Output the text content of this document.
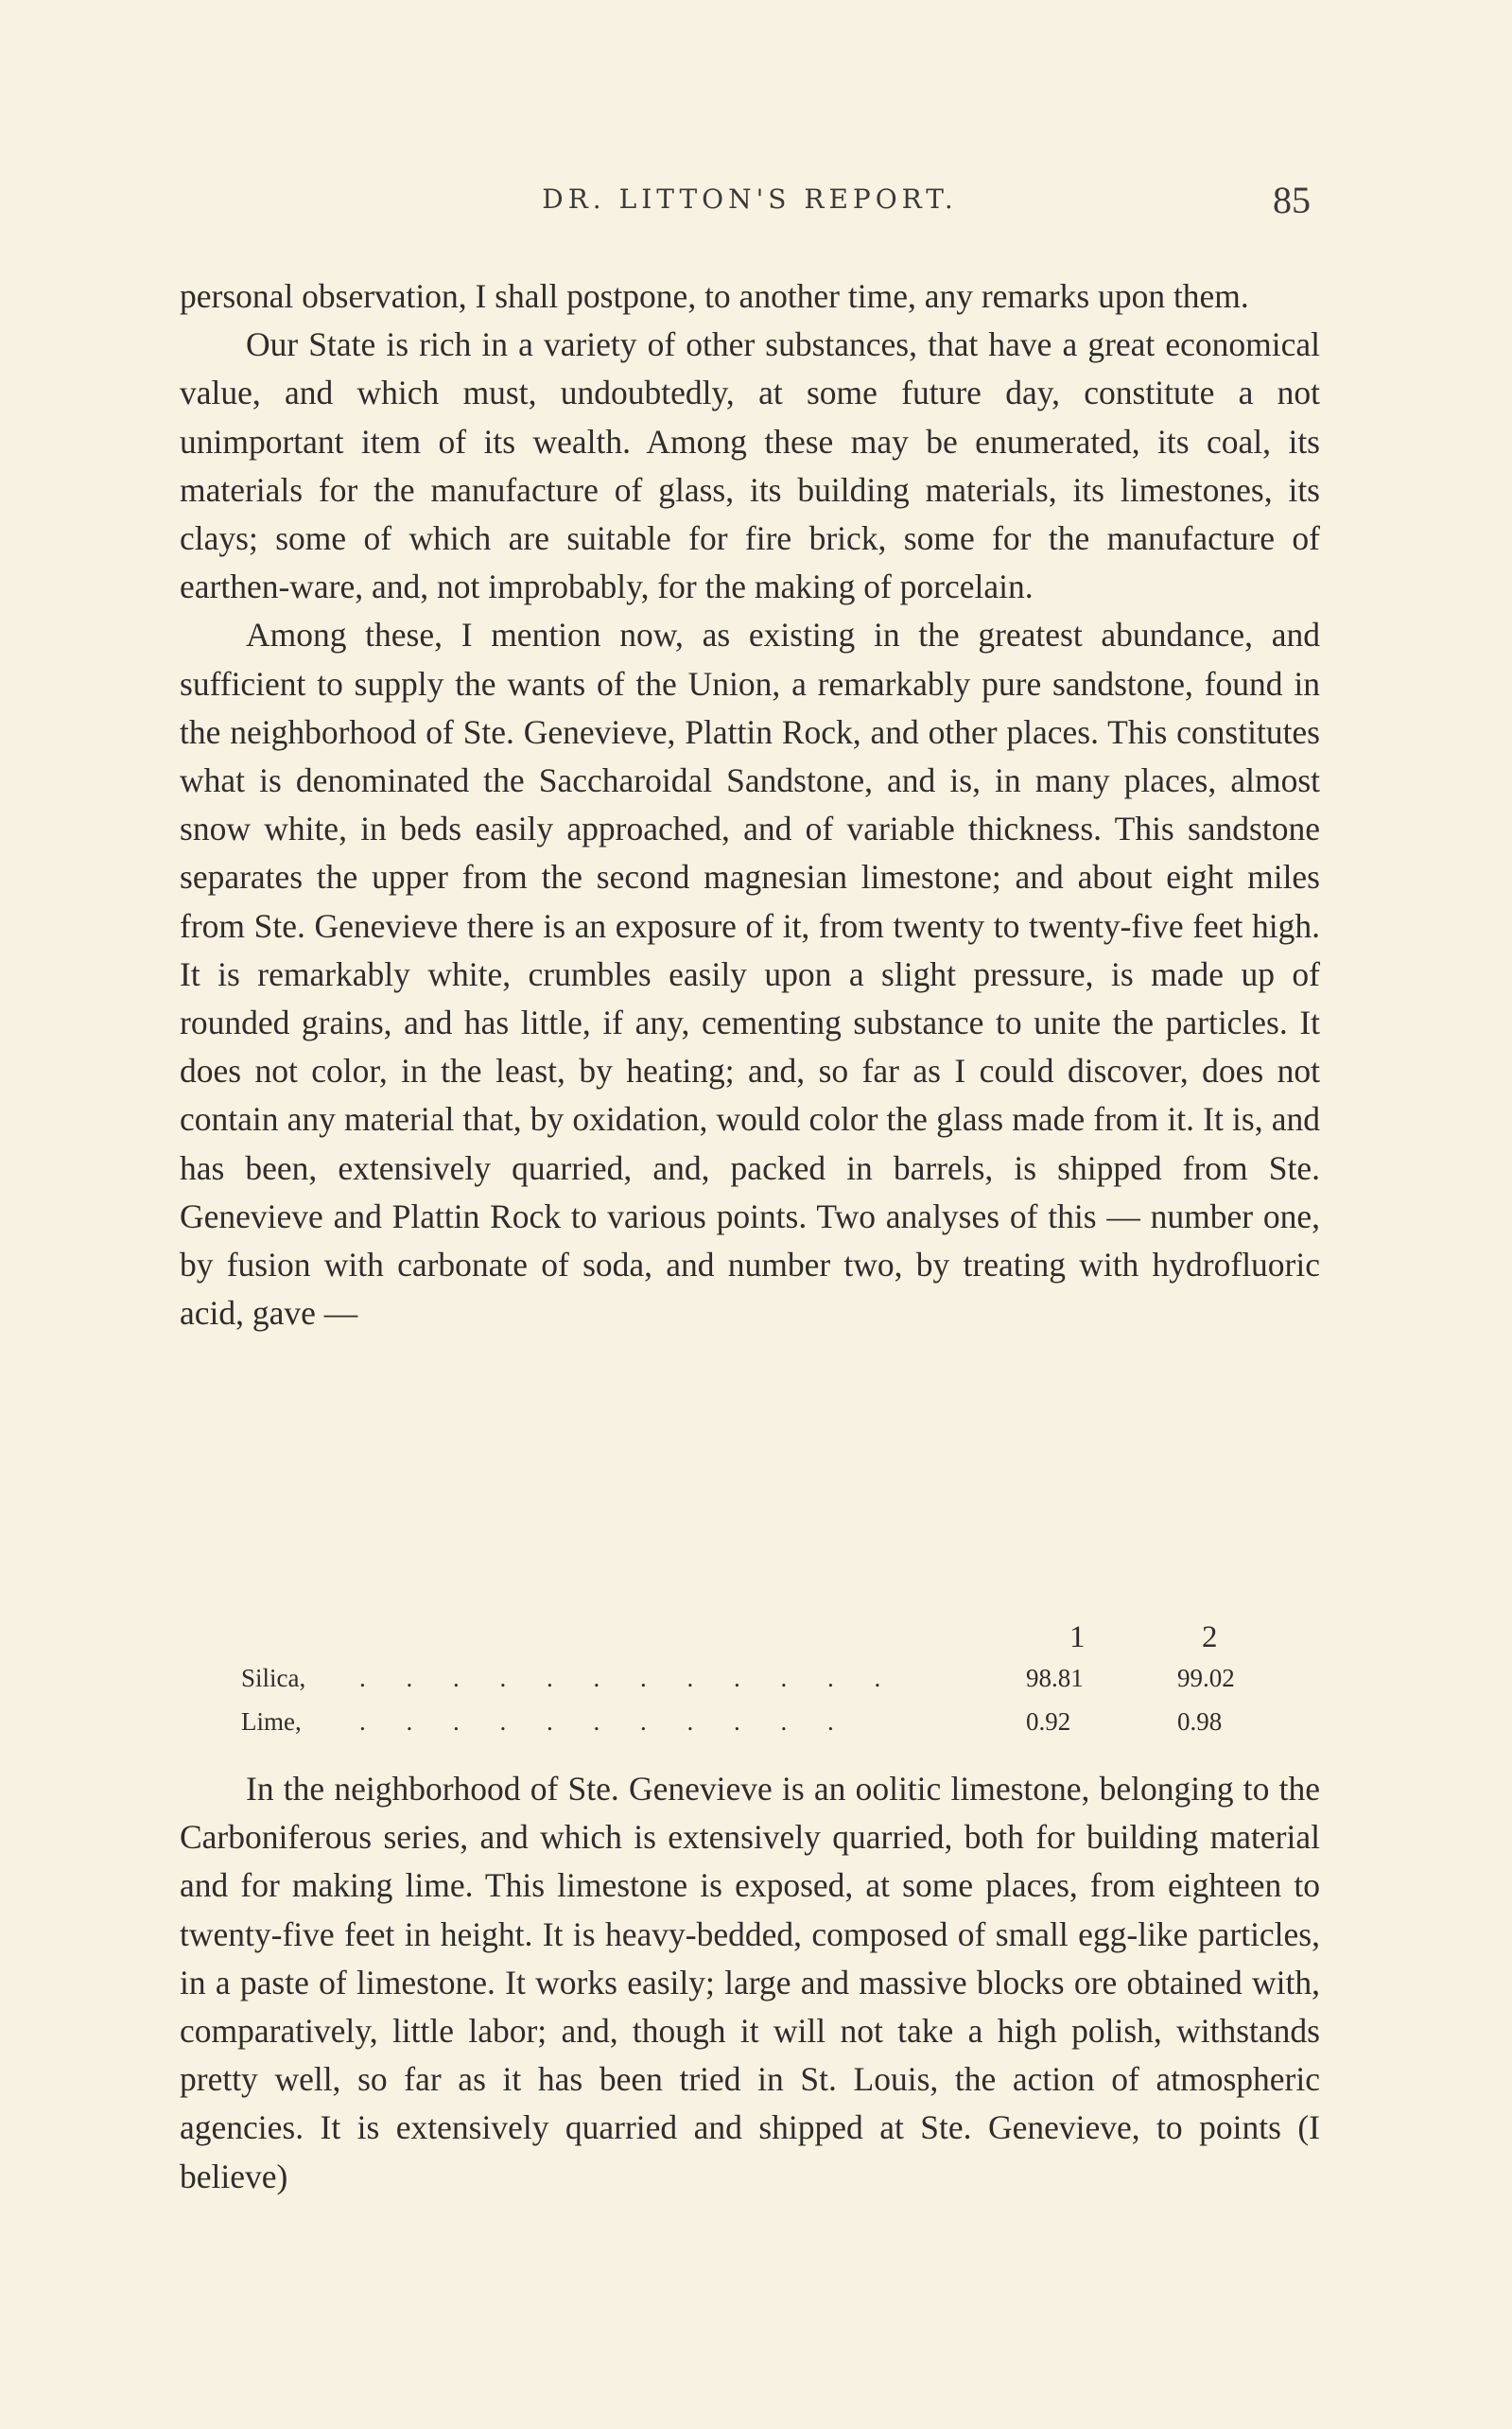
DR. LITTON'S REPORT.	85

personal observation, I shall postpone, to another time, any remarks upon them.

Our State is rich in a variety of other substances, that have a great economical value, and which must, undoubtedly, at some future day, constitute a not unimportant item of its wealth. Among these may be enumerated, its coal, its materials for the manufacture of glass, its building materials, its limestones, its clays; some of which are suitable for fire brick, some for the manufacture of earthen-ware, and, not improbably, for the making of porcelain.

Among these, I mention now, as existing in the greatest abundance, and sufficient to supply the wants of the Union, a remarkably pure sandstone, found in the neighborhood of Ste. Genevieve, Plattin Rock, and other places. This constitutes what is denominated the Saccharoidal Sandstone, and is, in many places, almost snow white, in beds easily approached, and of variable thickness. This sandstone separates the upper from the second magnesian limestone; and about eight miles from Ste. Genevieve there is an exposure of it, from twenty to twenty-five feet high. It is remarkably white, crumbles easily upon a slight pressure, is made up of rounded grains, and has little, if any, cementing substance to unite the particles. It does not color, in the least, by heating; and, so far as I could discover, does not contain any material that, by oxidation, would color the glass made from it. It is, and has been, extensively quarried, and, packed in barrels, is shipped from Ste. Genevieve and Plattin Rock to various points. Two analyses of this — number one, by fusion with carbonate of soda, and number two, by treating with hydrofluoric acid, gave —

1	2
Silica, . . . . . . . . . . . .	98.81	99.02
Lime, . . . . . . . . . . .	0.92	0.98

In the neighborhood of Ste. Genevieve is an oolitic limestone, belonging to the Carboniferous series, and which is extensively quarried, both for building material and for making lime. This limestone is exposed, at some places, from eighteen to twenty-five feet in height. It is heavy-bedded, composed of small egg-like particles, in a paste of limestone. It works easily; large and massive blocks ore obtained with, comparatively, little labor; and, though it will not take a high polish, withstands pretty well, so far as it has been tried in St. Louis, the action of atmospheric agencies. It is extensively quarried and shipped at Ste. Genevieve, to points (I believe)
